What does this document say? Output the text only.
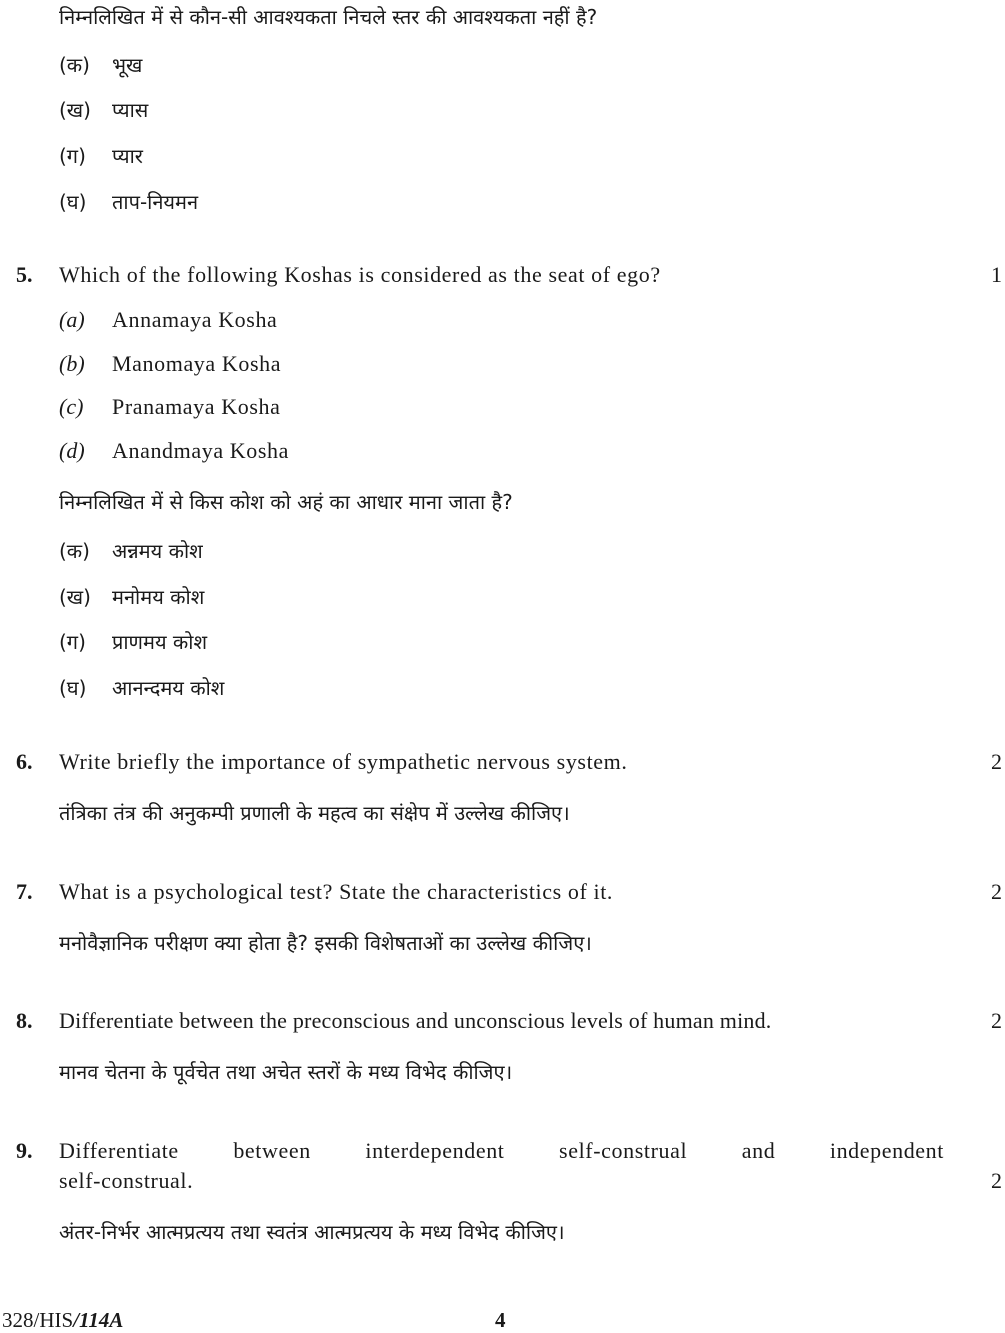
निम्नलिखित में से कौन-सी आवश्यकता निचले स्तर की आवश्यकता नहीं है?
(क) भूख
(ख) प्यास
(ग) प्यार
(घ) ताप-नियमन
5. Which of the following Koshas is considered as the seat of ego?	1
(a) Annamaya Kosha
(b) Manomaya Kosha
(c) Pranamaya Kosha
(d) Anandmaya Kosha
निम्नलिखित में से किस कोश को अहं का आधार माना जाता है?
(क) अन्नमय कोश
(ख) मनोमय कोश
(ग) प्राणमय कोश
(घ) आनन्दमय कोश
6. Write briefly the importance of sympathetic nervous system.	2
तंत्रिका तंत्र की अनुकम्पी प्रणाली के महत्व का संक्षेप में उल्लेख कीजिए।
7. What is a psychological test? State the characteristics of it.	2
मनोवैज्ञानिक परीक्षण क्या होता है? इसकी विशेषताओं का उल्लेख कीजिए।
8. Differentiate between the preconscious and unconscious levels of human mind.	2
मानव चेतना के पूर्वचेत तथा अचेत स्तरों के मध्य विभेद कीजिए।
9. Differentiate between interdependent self-construal and independent
self-construal.	2
अंतर-निर्भर आत्मप्रत्यय तथा स्वतंत्र आत्मप्रत्यय के मध्य विभेद कीजिए।
328/HIS/114A	4
